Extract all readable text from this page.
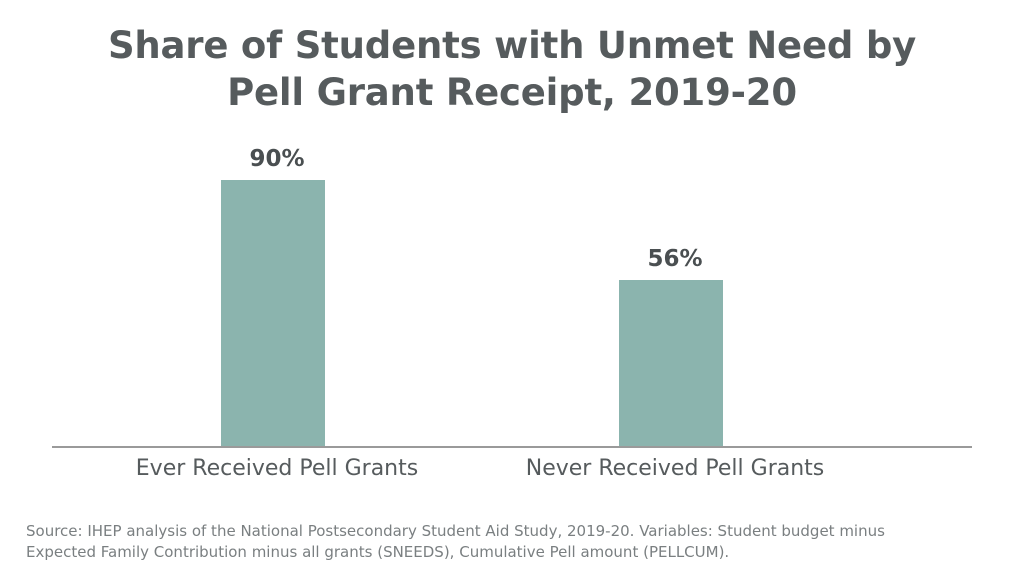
Share of Students with Unmet Need by
Pell Grant Receipt, 2019-20
90%
56%
Ever Received Pell Grants	Never Received Pell Grants
Source: IHEP analysis of the National Postsecondary Student Aid Study, 2019-20. Variables: Student budget minus
Expected Family Contribution minus all grants (SNEEDS), Cumulative Pell amount (PELLCUM).
